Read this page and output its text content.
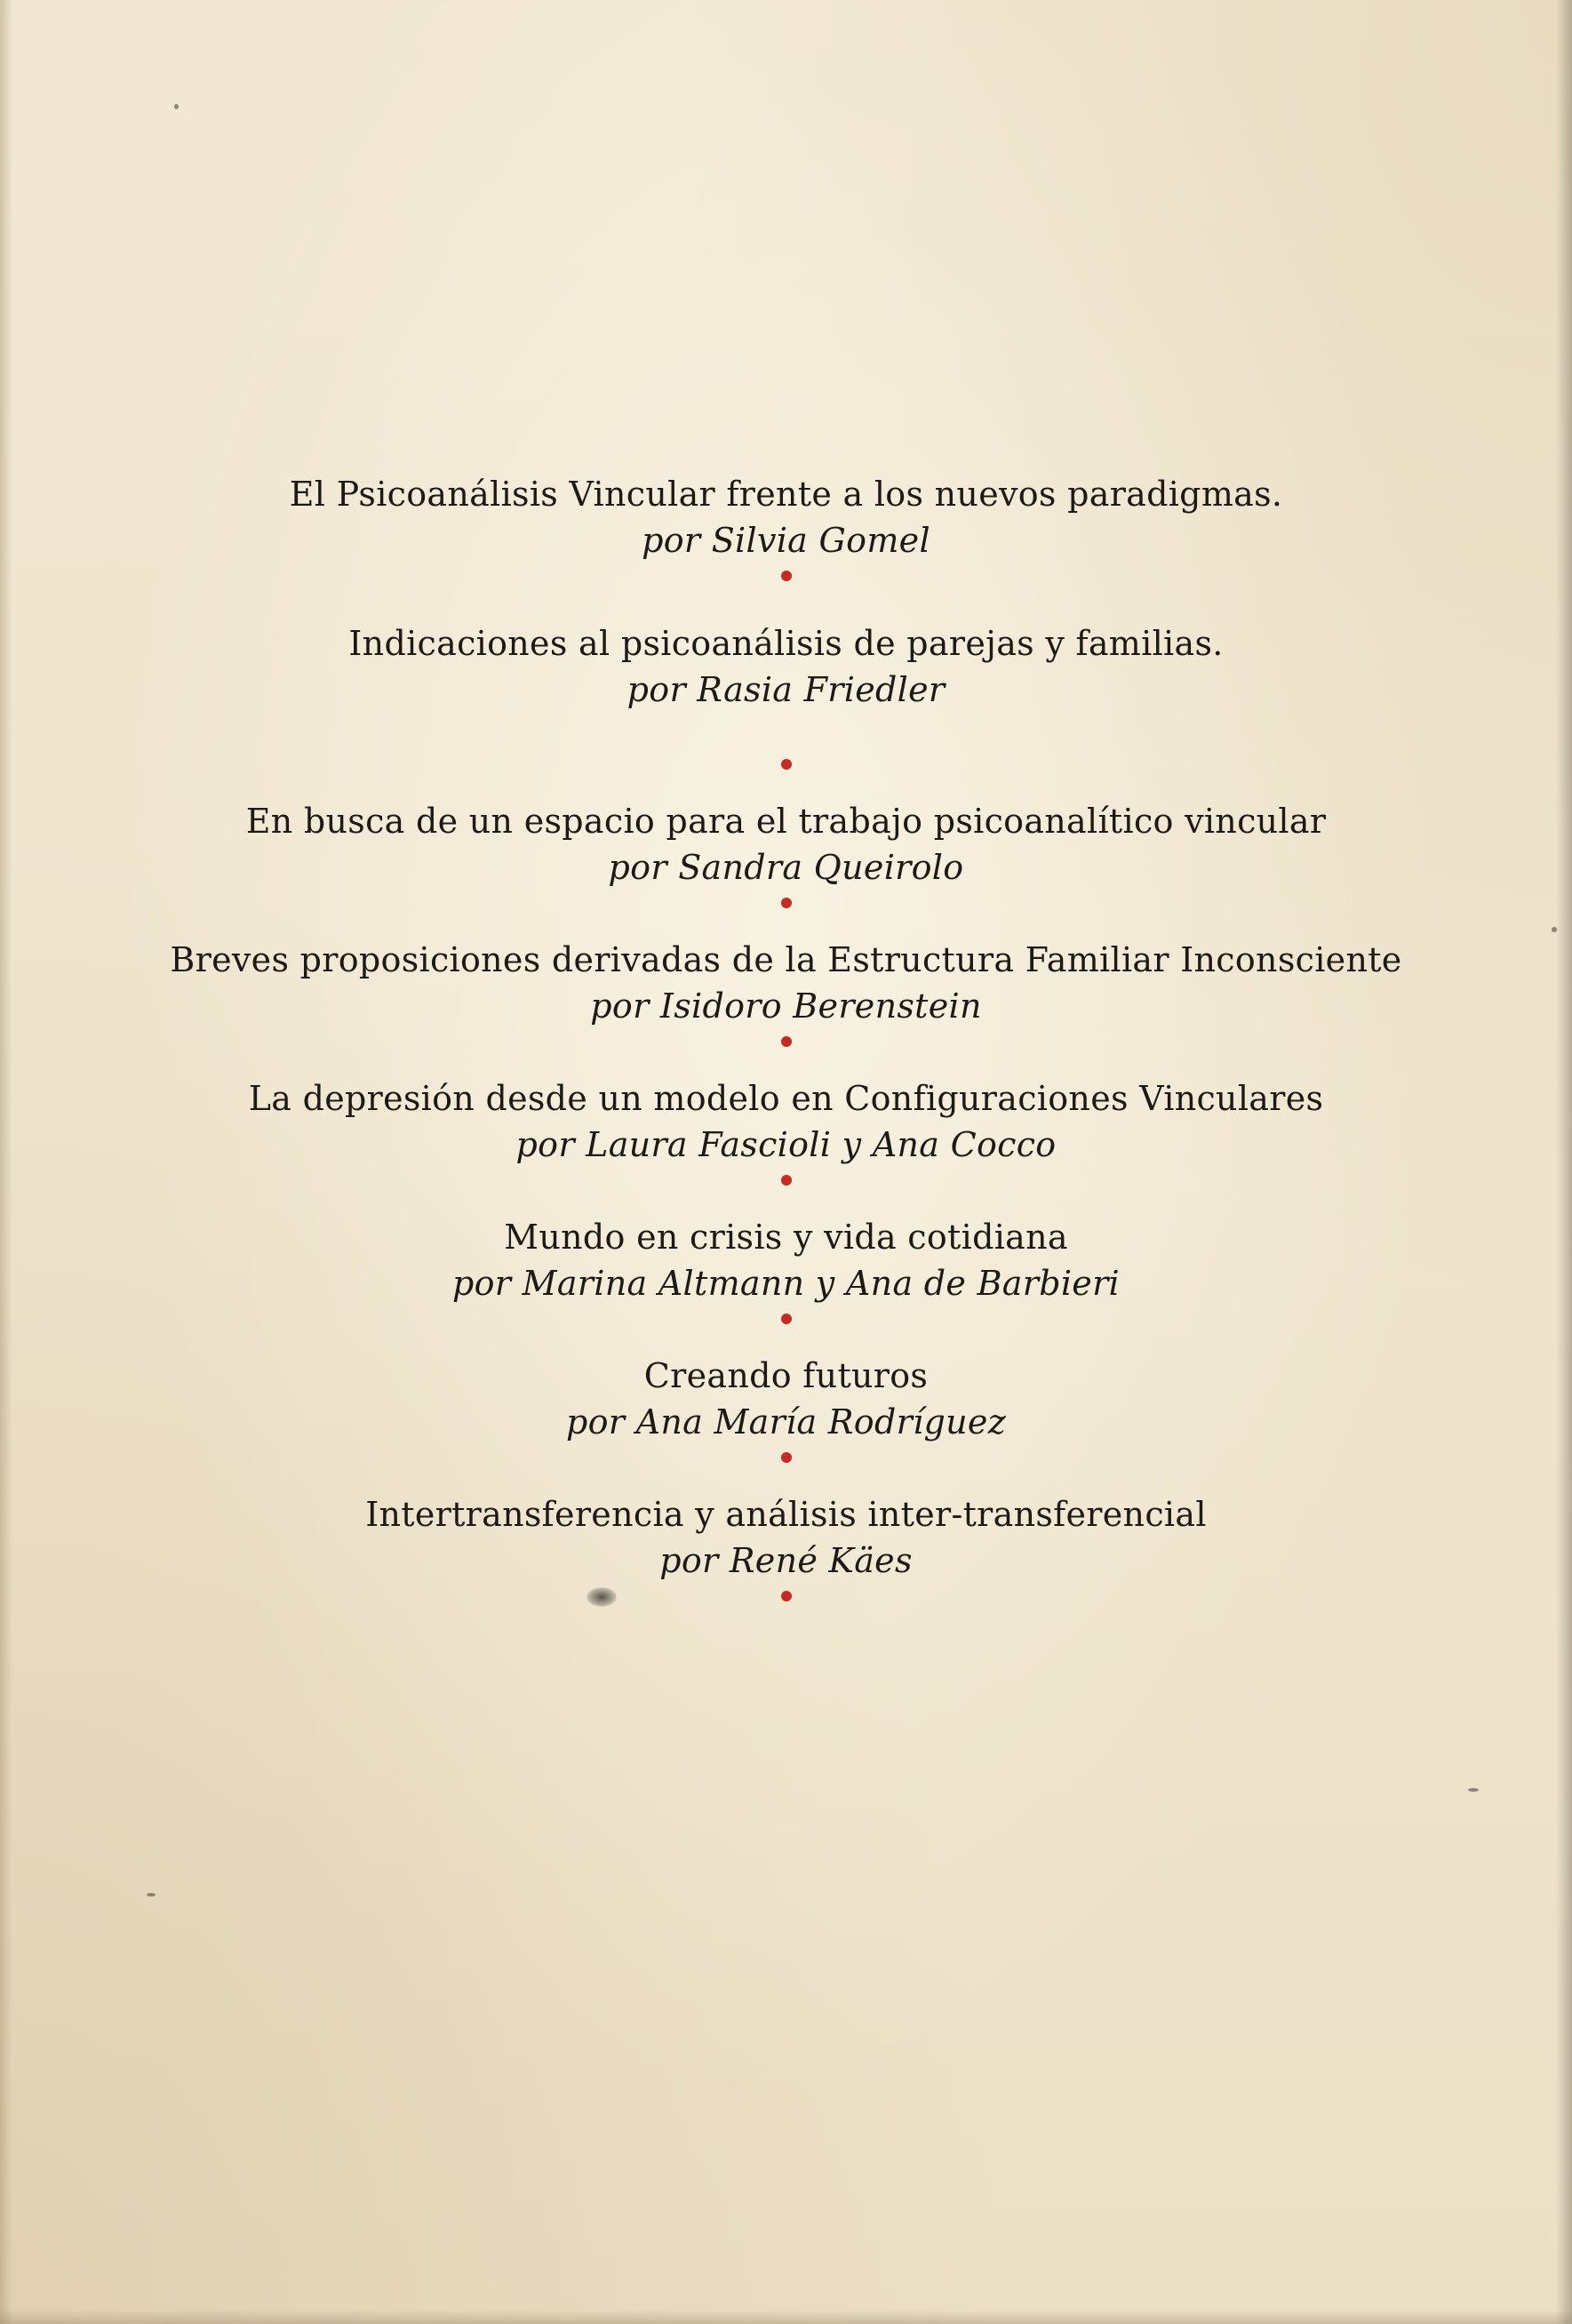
El Psicoanálisis Vincular frente a los nuevos paradigmas.
por Silvia Gomel
Indicaciones al psicoanálisis de parejas y familias.
por Rasia Friedler
En busca de un espacio para el trabajo psicoanalítico vincular
por Sandra Queirolo
Breves proposiciones derivadas de la Estructura Familiar Inconsciente
por Isidoro Berenstein
La depresión desde un modelo en Configuraciones Vinculares
por Laura Fascioli y Ana Cocco
Mundo en crisis y vida cotidiana
por Marina Altmann y Ana de Barbieri
Creando futuros
por Ana María Rodríguez
Intertransferencia y análisis inter-transferencial
por René Käes
